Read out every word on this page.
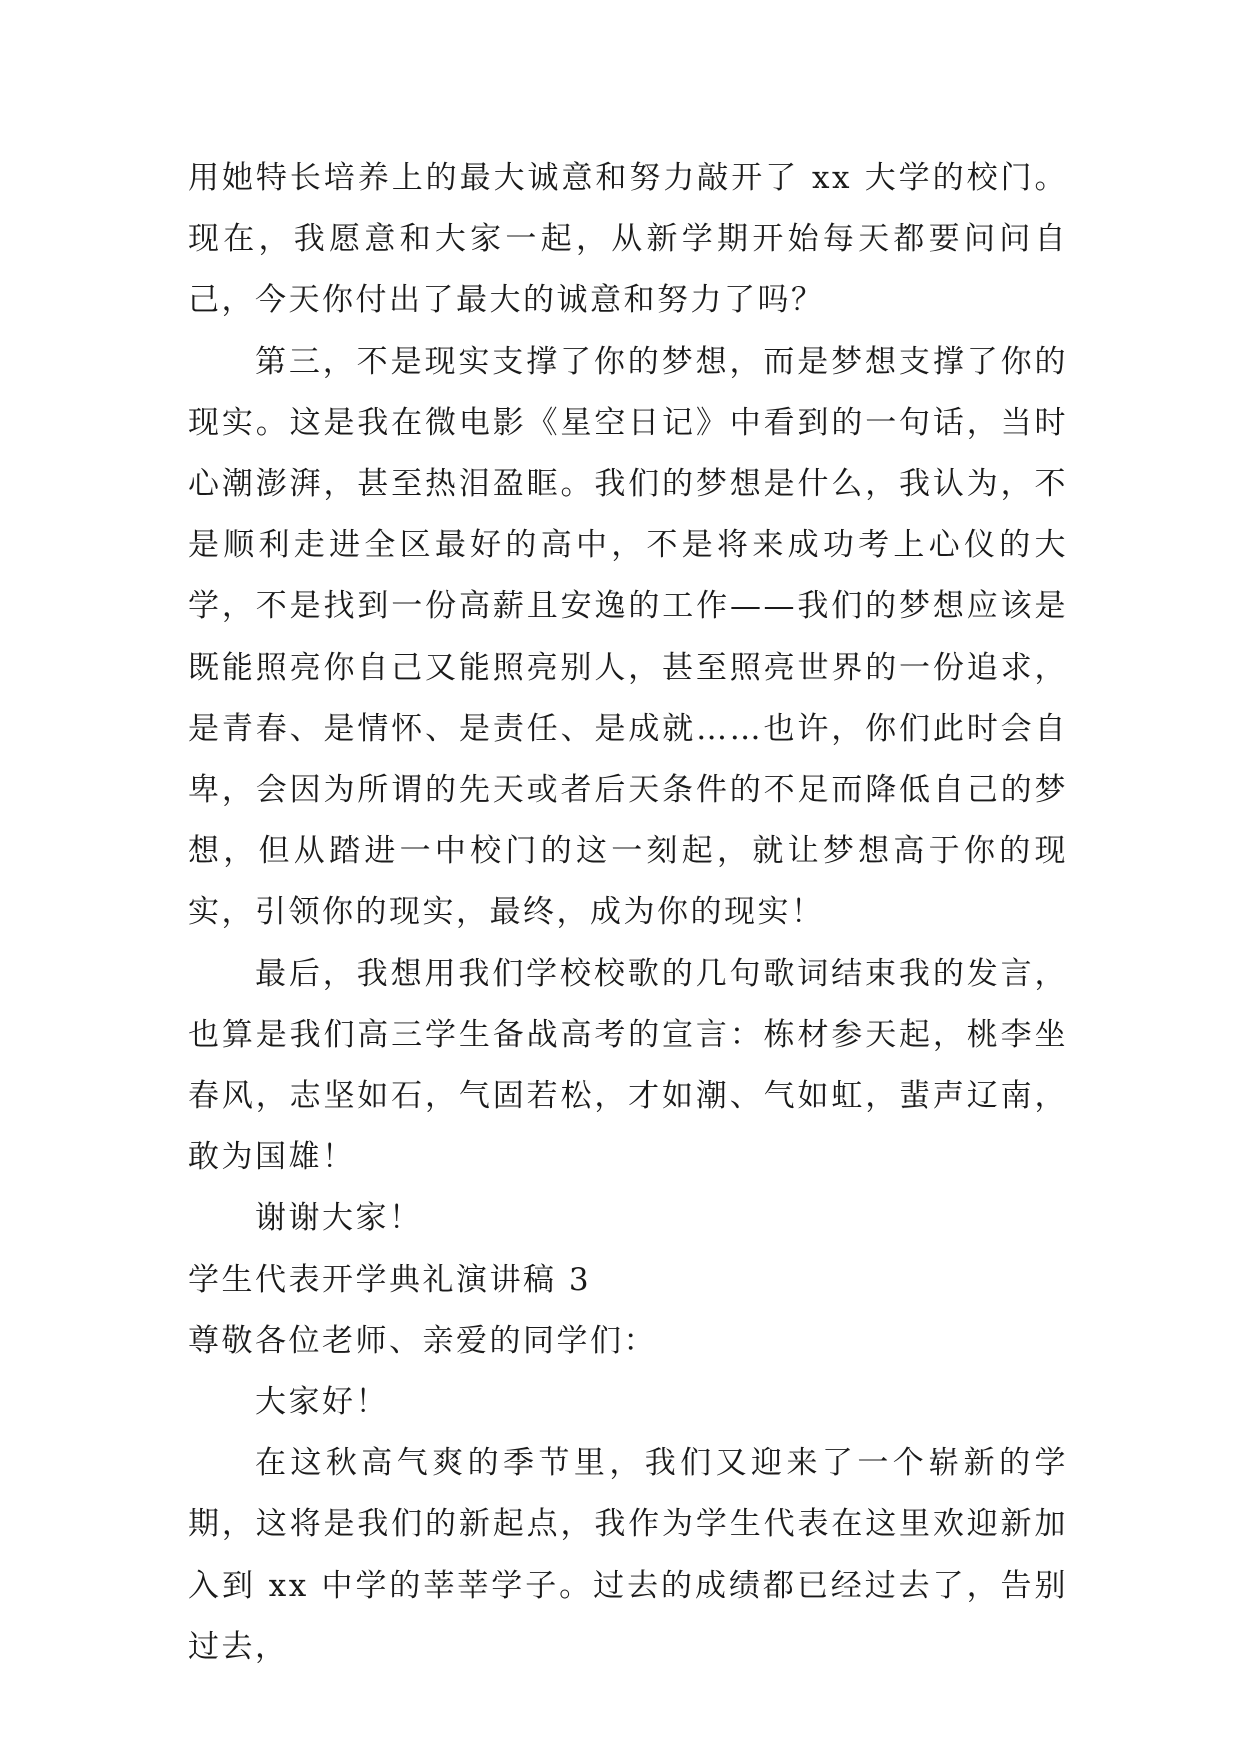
用她特长培养上的最大诚意和努力敲开了 xx 大学的校门。现在，我愿意和大家一起，从新学期开始每天都要问问自己，今天你付出了最大的诚意和努力了吗？

第三，不是现实支撑了你的梦想，而是梦想支撑了你的现实。这是我在微电影《星空日记》中看到的一句话，当时心潮澎湃，甚至热泪盈眶。我们的梦想是什么，我认为，不是顺利走进全区最好的高中，不是将来成功考上心仪的大学，不是找到一份高薪且安逸的工作——我们的梦想应该是既能照亮你自己又能照亮别人，甚至照亮世界的一份追求，是青春、是情怀、是责任、是成就……也许，你们此时会自卑，会因为所谓的先天或者后天条件的不足而降低自己的梦想，但从踏进一中校门的这一刻起，就让梦想高于你的现实，引领你的现实，最终，成为你的现实！

最后，我想用我们学校校歌的几句歌词结束我的发言，也算是我们高三学生备战高考的宣言：栋材参天起，桃李坐春风，志坚如石，气固若松，才如潮、气如虹，蜚声辽南，敢为国雄！

谢谢大家！

学生代表开学典礼演讲稿 3

尊敬各位老师、亲爱的同学们：

大家好！

在这秋高气爽的季节里，我们又迎来了一个崭新的学期，这将是我们的新起点，我作为学生代表在这里欢迎新加入到 xx 中学的莘莘学子。过去的成绩都已经过去了，告别过去，
